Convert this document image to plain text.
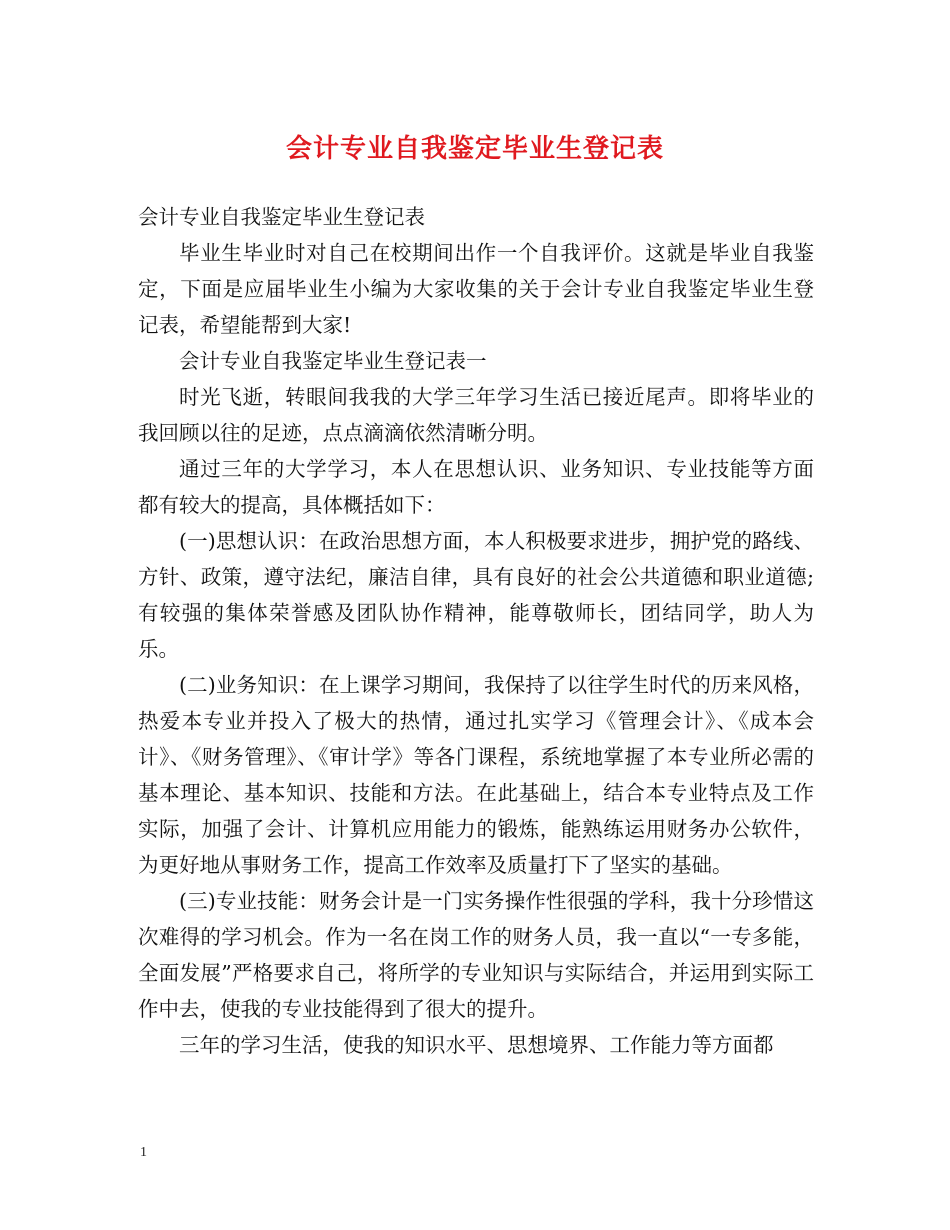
会计专业自我鉴定毕业生登记表

会计专业自我鉴定毕业生登记表

毕业生毕业时对自己在校期间出作一个自我评价。这就是毕业自我鉴定，下面是应届毕业生小编为大家收集的关于会计专业自我鉴定毕业生登记表，希望能帮到大家!

会计专业自我鉴定毕业生登记表一

时光飞逝，转眼间我我的大学三年学习生活已接近尾声。即将毕业的我回顾以往的足迹，点点滴滴依然清晰分明。

通过三年的大学学习，本人在思想认识、业务知识、专业技能等方面都有较大的提高，具体概括如下：

(一)思想认识：在政治思想方面，本人积极要求进步，拥护党的路线、方针、政策，遵守法纪，廉洁自律，具有良好的社会公共道德和职业道德;有较强的集体荣誉感及团队协作精神，能尊敬师长，团结同学，助人为乐。

(二)业务知识：在上课学习期间，我保持了以往学生时代的历来风格，热爱本专业并投入了极大的热情，通过扎实学习《管理会计》、《成本会计》、《财务管理》、《审计学》等各门课程，系统地掌握了本专业所必需的基本理论、基本知识、技能和方法。在此基础上，结合本专业特点及工作实际，加强了会计、计算机应用能力的锻炼，能熟练运用财务办公软件，为更好地从事财务工作，提高工作效率及质量打下了坚实的基础。

(三)专业技能：财务会计是一门实务操作性很强的学科，我十分珍惜这次难得的学习机会。作为一名在岗工作的财务人员，我一直以“一专多能，全面发展”严格要求自己，将所学的专业知识与实际结合，并运用到实际工作中去，使我的专业技能得到了很大的提升。

三年的学习生活，使我的知识水平、思想境界、工作能力等方面都

1
